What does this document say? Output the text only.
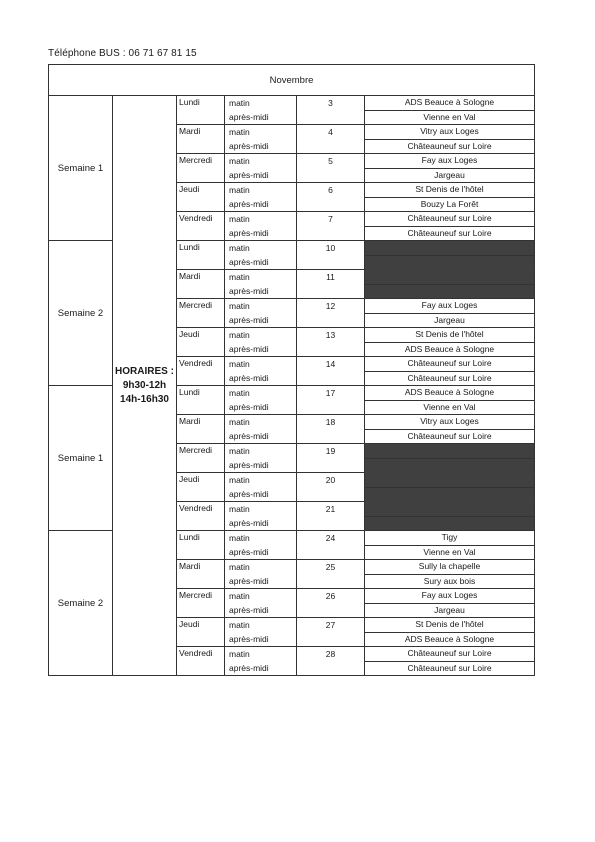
Téléphone BUS : 06 71 67 81 15
Novembre					
Semaine 1	HORAIRES :
9h30-12h
14h-16h30	Lundi	matin	3	ADS Beauce à Sologne
			après-midi		Vienne en Val
		Mardi	matin	4	Vitry aux Loges
			après-midi		Châteauneuf sur Loire
		Mercredi	matin	5	Fay aux Loges
			après-midi		Jargeau
		Jeudi	matin	6	St Denis de l'hôtel
			après-midi		Bouzy La Forêt
		Vendredi	matin	7	Châteauneuf sur Loire
			après-midi		Châteauneuf sur Loire
Semaine 2		Lundi	matin	10	
			après-midi		
		Mardi	matin	11	
			après-midi		
		Mercredi	matin	12	Fay aux Loges
			après-midi		Jargeau
		Jeudi	matin	13	St Denis de l'hôtel
			après-midi		ADS Beauce à Sologne
		Vendredi	matin	14	Châteauneuf sur Loire
			après-midi		Châteauneuf sur Loire
Semaine 1		Lundi	matin	17	ADS Beauce à Sologne
			après-midi		Vienne en Val
		Mardi	matin	18	Vitry aux Loges
			après-midi		Châteauneuf sur Loire
		Mercredi	matin	19	
			après-midi		
		Jeudi	matin	20	
			après-midi		
		Vendredi	matin	21	
			après-midi		
Semaine 2		Lundi	matin	24	Tigy
			après-midi		Vienne en Val
		Mardi	matin	25	Sully la chapelle
			après-midi		Sury aux bois
		Mercredi	matin	26	Fay aux Loges
			après-midi		Jargeau
		Jeudi	matin	27	St Denis de l'hôtel
			après-midi		ADS Beauce à Sologne
		Vendredi	matin	28	Châteauneuf sur Loire
			après-midi		Châteauneuf sur Loire
